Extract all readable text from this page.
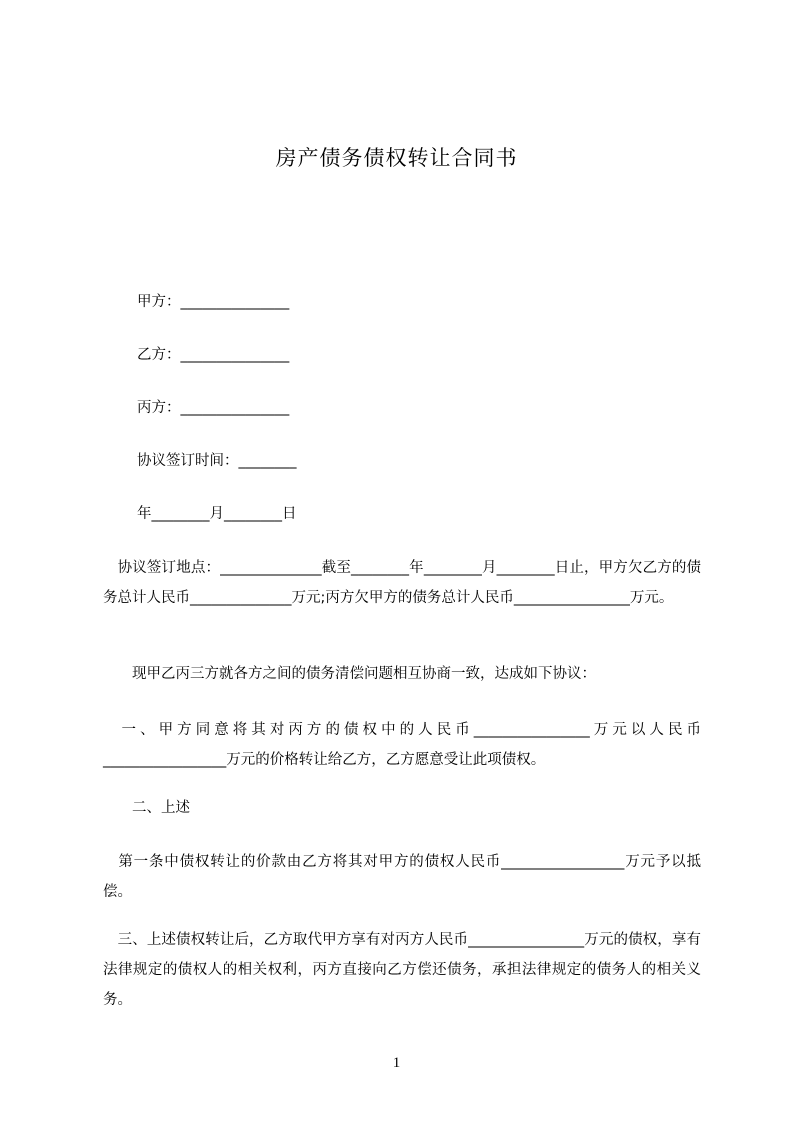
房产债务债权转让合同书
甲方：_______________
乙方：_______________
丙方：_______________
协议签订时间：________
年________月________日
　协议签订地点：______________截至________年________月________日止，甲方欠乙方的债务总计人民币______________万元;丙方欠甲方的债务总计人民币________________万元。
　　现甲乙丙三方就各方之间的债务清偿问题相互协商一致，达成如下协议：
　一、甲方同意将其对丙方的债权中的人民币________________万元以人民币_________________万元的价格转让给乙方，乙方愿意受让此项债权。
　　二、上述
　第一条中债权转让的价款由乙方将其对甲方的债权人民币_________________万元予以抵偿。
　三、上述债权转让后，乙方取代甲方享有对丙方人民币________________万元的债权，享有法律规定的债权人的相关权利，丙方直接向乙方偿还债务，承担法律规定的债务人的相关义务。
1
